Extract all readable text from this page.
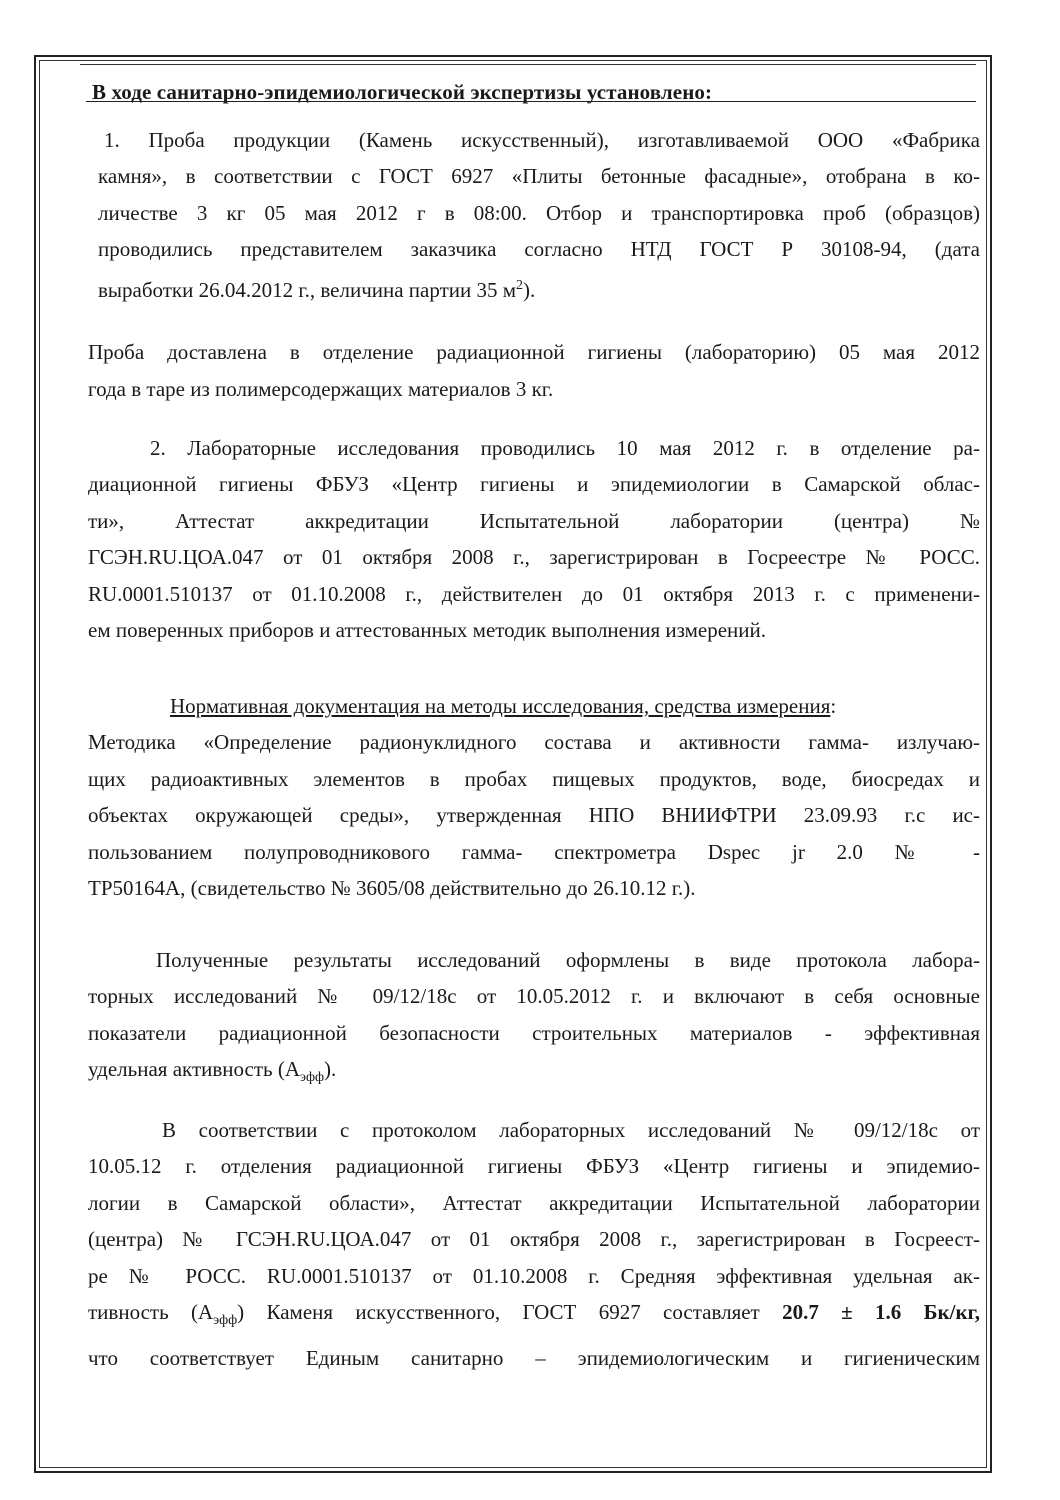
В ходе санитарно-эпидемиологической экспертизы установлено:
1. Проба продукции (Камень искусственный), изготавливаемой ООО «Фабрика
камня», в соответствии с ГОСТ 6927 «Плиты бетонные фасадные», отобрана в ко-
личестве 3 кг 05 мая 2012 г в 08:00. Отбор и транспортировка проб (образцов)
проводились представителем заказчика согласно НТД ГОСТ Р 30108-94, (дата
выработки 26.04.2012 г., величина партии 35 $м^2$).
Проба доставлена в отделение радиационной гигиены (лабораторию) 05 мая 2012
года в таре из полимерсодержащих материалов 3 кг.
2. Лабораторные исследования проводились 10 мая 2012 г. в отделение ра-
диационной гигиены ФБУЗ «Центр гигиены и эпидемиологии в Самарской облас-
ти», Аттестат аккредитации Испытательной лаборатории (центра) №
ГСЭН.RU.ЦОА.047 от 01 октября 2008 г., зарегистрирован в Госреестре № РОСС.
RU.0001.510137 от 01.10.2008 г., действителен до 01 октября 2013 г. с применени-
ем поверенных приборов и аттестованных методик выполнения измерений.
Нормативная документация на методы исследования, средства измерения:
Методика «Определение радионуклидного состава и активности гамма- излучаю-
щих радиоактивных элементов в пробах пищевых продуктов, воде, биосредах и
объектах окружающей среды», утвержденная НПО ВНИИФТРИ 23.09.93 г.с ис-
пользованием полупроводникового гамма- спектрометра Dspec jr 2.0 № -
ТР50164А, (свидетельство № 3605/08 действительно до 26.10.12 г.).
Полученные результаты исследований оформлены в виде протокола лабора-
торных исследований № 09/12/18с от 10.05.2012 г. и включают в себя основные
показатели радиационной безопасности строительных материалов - эффективная
удельная активность $(А_{эфф})$.
В соответствии с протоколом лабораторных исследований № 09/12/18с от
10.05.12 г. отделения радиационной гигиены ФБУЗ «Центр гигиены и эпидемио-
логии в Самарской области», Аттестат аккредитации Испытательной лаборатории
(центра) № ГСЭН.RU.ЦОА.047 от 01 октября 2008 г., зарегистрирован в Госреест-
ре № РОСС. RU.0001.510137 от 01.10.2008 г. Средняя эффективная удельная ак-
тивность $(А_{эфф})$ Каменя искусственного, ГОСТ 6927 составляет 20.7 ± 1.6 Бк/кг,
что соответствует Единым санитарно – эпидемиологическим и гигиеническим
